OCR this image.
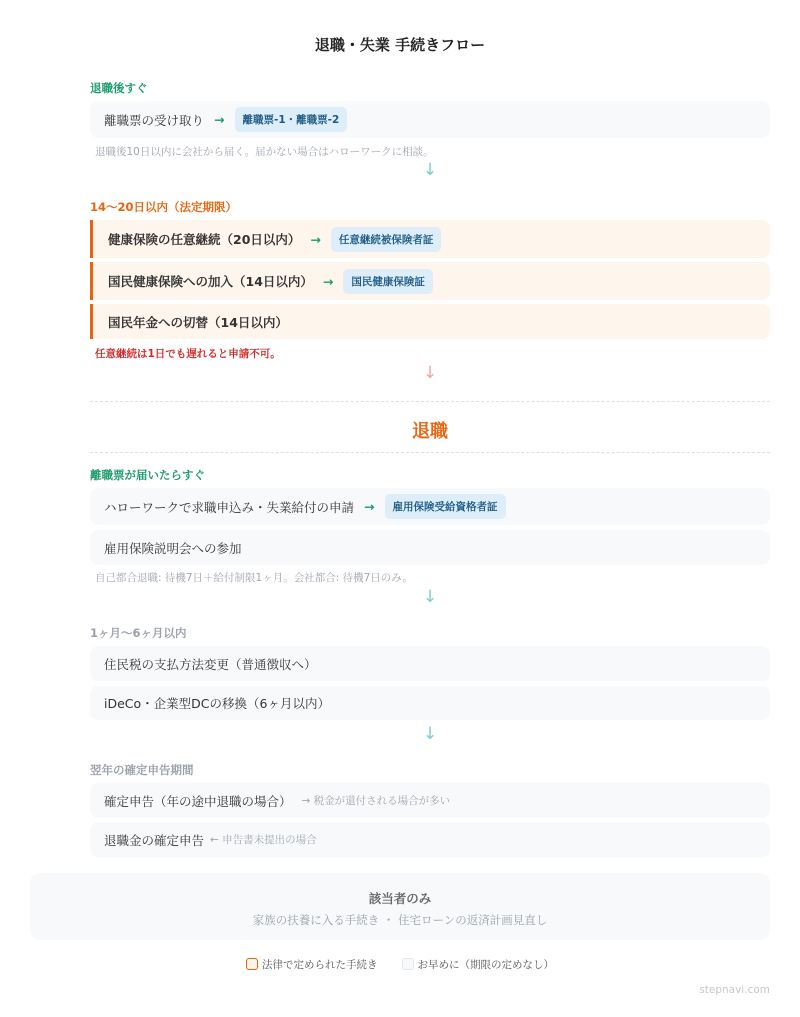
退職・失業 手続きフロー
退職後すぐ
離職票の受け取り →	離職票-1・離職票-2
退職後10日以内に会社から届く。届かない場合はハローワークに相談。
↓
14〜20日以内（法定期限）
健康保険の任意継続（20日以内） →	任意継続被保険者証
国民健康保険への加入（14日以内） →	国民健康保険証
国民年金への切替（14日以内）
任意継続は1日でも遅れると申請不可。
↓
退職
離職票が届いたらすぐ
ハローワークで求職申込み・失業給付の申請 →	雇用保険受給資格者証
雇用保険説明会への参加
自己都合退職: 待機7日＋給付制限1ヶ月。会社都合: 待機7日のみ。
↓
1ヶ月〜6ヶ月以内
住民税の支払方法変更（普通徴収へ）
iDeCo・企業型DCの移換（6ヶ月以内）
↓
翌年の確定申告期間
確定申告（年の途中退職の場合） → 税金が還付される場合が多い
退職金の確定申告 ← 申告書未提出の場合
該当者のみ
家族の扶養に入る手続き ・ 住宅ローンの返済計画見直し
法律で定められた手続き	お早めに（期限の定めなし）
stepnavi.com
